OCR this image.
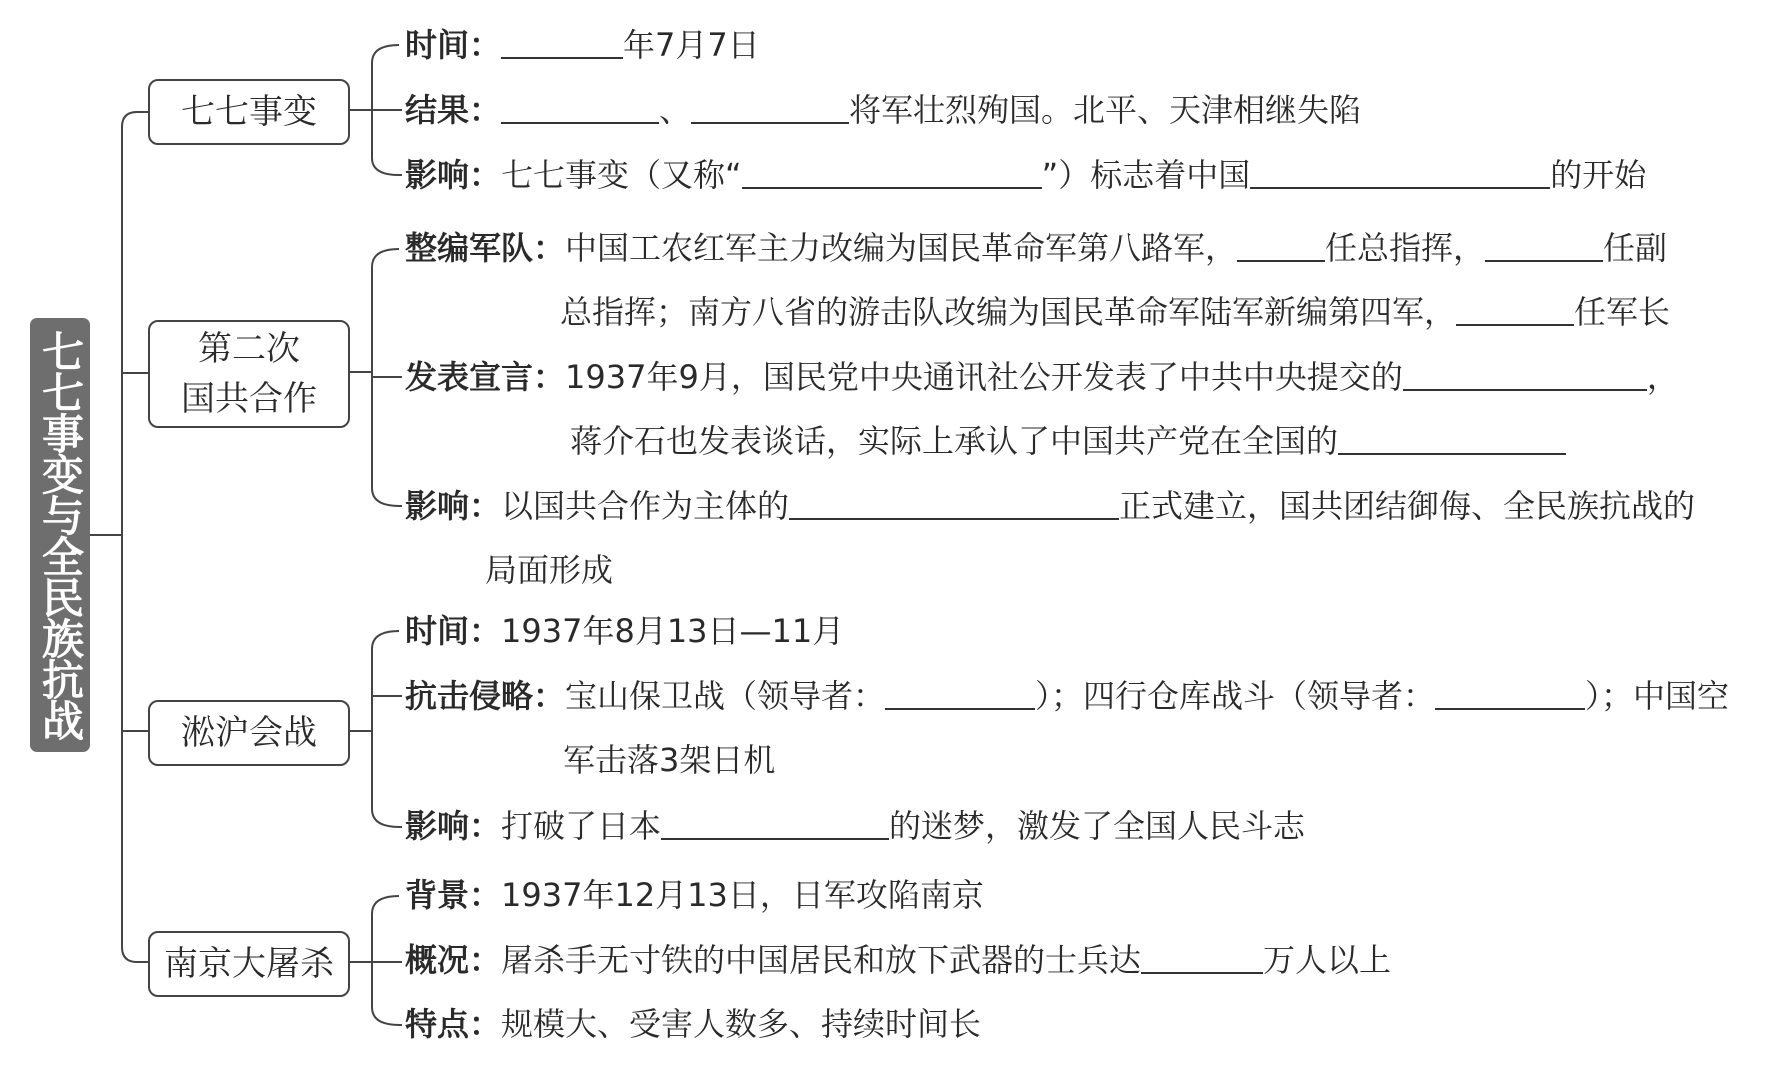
七七事变与全民族抗战
七七事变
第二次
国共合作
淞沪会战
南京大屠杀
时间：	年7月7日
结果：	、	将军壮烈殉国。北平、天津相继失陷
影响：七七事变（又称“	”）标志着中国	的开始
整编军队：中国工农红军主力改编为国民革命军第八路军，	任总指挥，	任副
总指挥；南方八省的游击队改编为国民革命军陆军新编第四军，	任军长
发表宣言：1937年9月，国民党中央通讯社公开发表了中共中央提交的	，
蒋介石也发表谈话，实际上承认了中国共产党在全国的
影响：以国共合作为主体的	正式建立，国共团结御侮、全民族抗战的
局面形成
时间：1937年8月13日—11月
抗击侵略：宝山保卫战（领导者：	）；四行仓库战斗（领导者：	）；中国空
军击落3架日机
影响：打破了日本	的迷梦，激发了全国人民斗志
背景：1937年12月13日，日军攻陷南京
概况：屠杀手无寸铁的中国居民和放下武器的士兵达	万人以上
特点：规模大、受害人数多、持续时间长
